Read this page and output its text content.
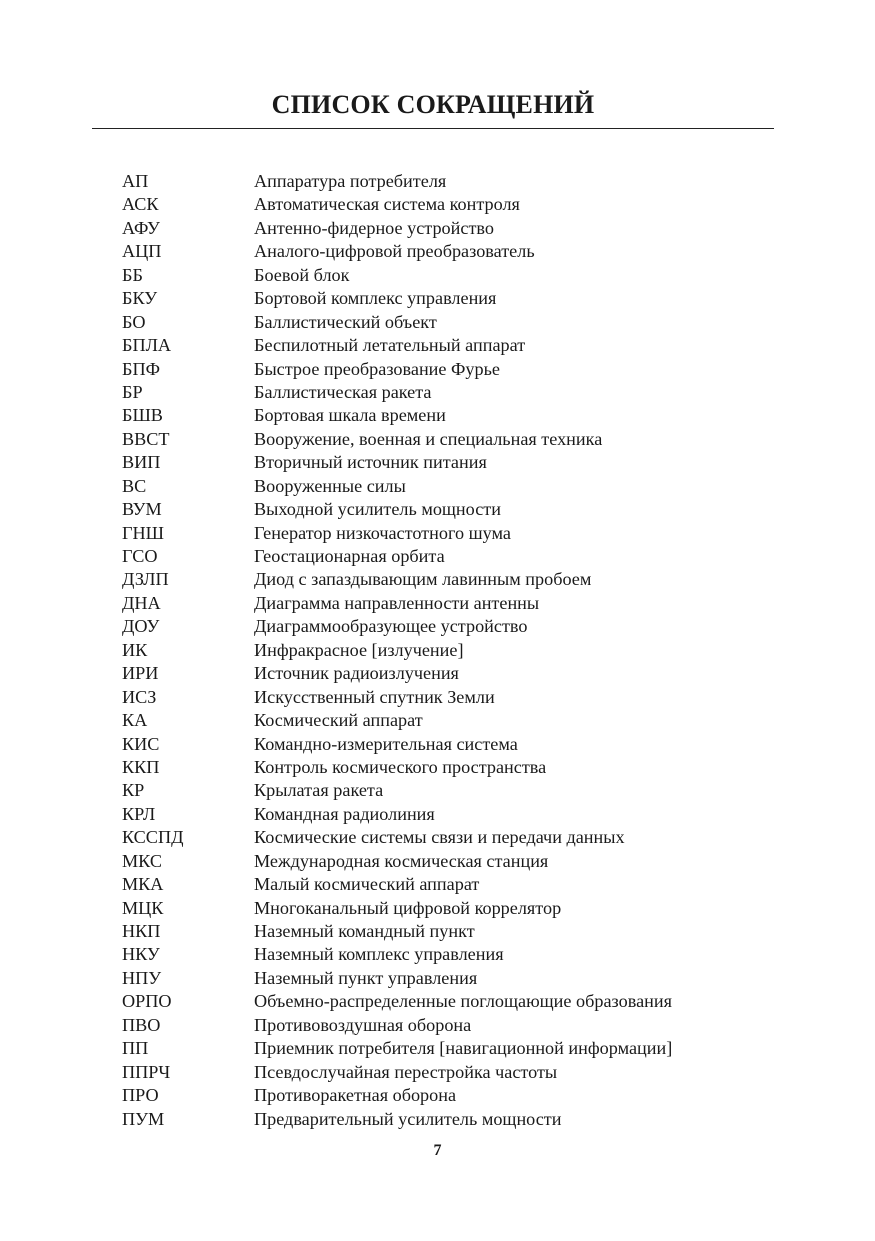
СПИСОК СОКРАЩЕНИЙ
АП	Аппаратура потребителя
АСК	Автоматическая система контроля
АФУ	Антенно-фидерное устройство
АЦП	Аналого-цифровой преобразователь
ББ	Боевой блок
БКУ	Бортовой комплекс управления
БО	Баллистический объект
БПЛА	Беспилотный летательный аппарат
БПФ	Быстрое преобразование Фурье
БР	Баллистическая ракета
БШВ	Бортовая шкала времени
ВВСТ	Вооружение, военная и специальная техника
ВИП	Вторичный источник питания
ВС	Вооруженные силы
ВУМ	Выходной усилитель мощности
ГНШ	Генератор низкочастотного шума
ГСО	Геостационарная орбита
ДЗЛП	Диод с запаздывающим лавинным пробоем
ДНА	Диаграмма направленности антенны
ДОУ	Диаграммообразующее устройство
ИК	Инфракрасное [излучение]
ИРИ	Источник радиоизлучения
ИСЗ	Искусственный спутник Земли
КА	Космический аппарат
КИС	Командно-измерительная система
ККП	Контроль космического пространства
КР	Крылатая ракета
КРЛ	Командная радиолиния
КССПД	Космические системы связи и передачи данных
МКС	Международная космическая станция
МКА	Малый космический аппарат
МЦК	Многоканальный цифровой коррелятор
НКП	Наземный командный пункт
НКУ	Наземный комплекс управления
НПУ	Наземный пункт управления
ОРПО	Объемно-распределенные поглощающие образования
ПВО	Противовоздушная оборона
ПП	Приемник потребителя [навигационной информации]
ППРЧ	Псевдослучайная перестройка частоты
ПРО	Противоракетная оборона
ПУМ	Предварительный усилитель мощности
7
